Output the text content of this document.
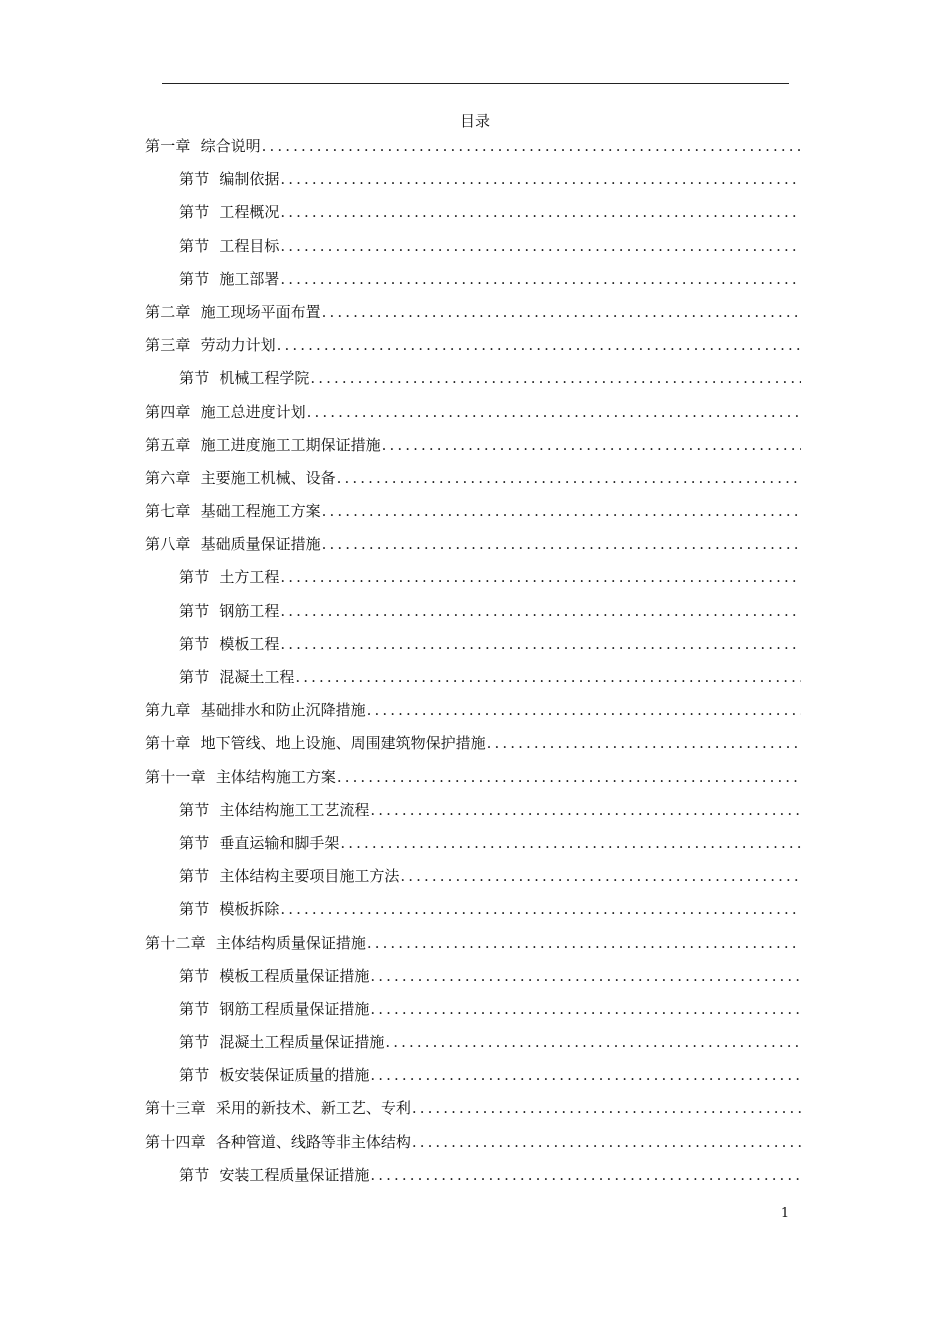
目录
第一章 综合说明
.....
第节 编制依据
.....
第节 工程概况
.....
第节 工程目标
.....
第节 施工部署
.....
第二章 施工现场平面布置
.....
第三章 劳动力计划
.....
第节 机械工程学院
.....
第四章 施工总进度计划
.....
第五章 施工进度施工工期保证措施
.....
第六章 主要施工机械、设备
.....
第七章 基础工程施工方案
.....
第八章 基础质量保证措施
.....
第节 土方工程
.....
第节 钢筋工程
.....
第节 模板工程
.....
第节 混凝土工程
.....
第九章 基础排水和防止沉降措施
.....
第十章 地下管线、地上设施、周围建筑物保护措施
.....
第十一章 主体结构施工方案
.....
第节 主体结构施工工艺流程
.....
第节 垂直运输和脚手架
.....
第节 主体结构主要项目施工方法
.....
第节 模板拆除
.....
第十二章 主体结构质量保证措施
.....
第节 模板工程质量保证措施
.....
第节 钢筋工程质量保证措施
.....
第节 混凝土工程质量保证措施
.....
第节 板安装保证质量的措施
.....
第十三章 采用的新技术、新工艺、专利
.....
第十四章 各种管道、线路等非主体结构
.....
第节 安装工程质量保证措施
.....
1
